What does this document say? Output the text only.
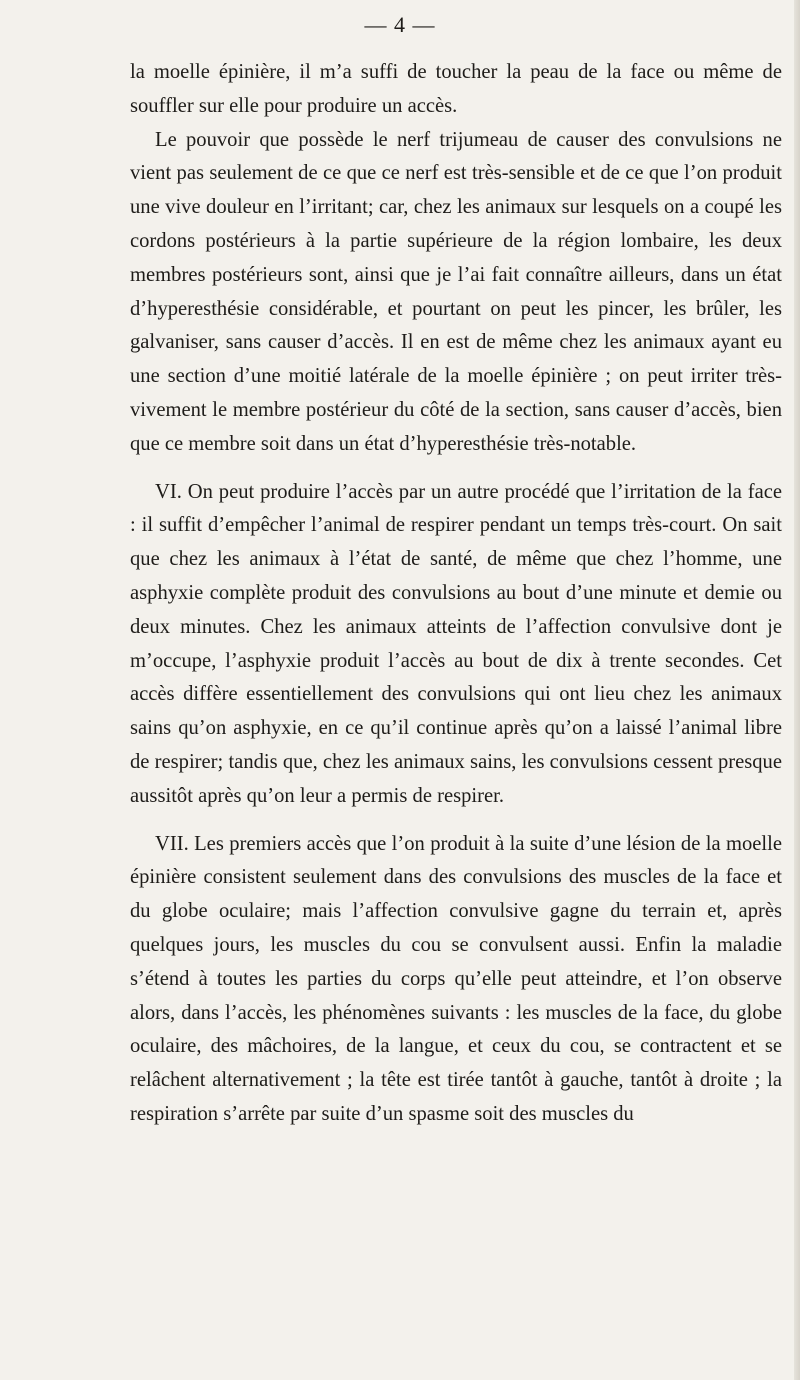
— 4 —

la moelle épinière, il m’a suffi de toucher la peau de la face ou même de souffler sur elle pour produire un accès.

Le pouvoir que possède le nerf trijumeau de causer des convulsions ne vient pas seulement de ce que ce nerf est très-sensible et de ce que l’on produit une vive douleur en l’irritant; car, chez les animaux sur lesquels on a coupé les cordons postérieurs à la partie supérieure de la région lombaire, les deux membres postérieurs sont, ainsi que je l’ai fait connaître ailleurs, dans un état d’hyperesthésie considérable, et pourtant on peut les pincer, les brûler, les galvaniser, sans causer d’accès. Il en est de même chez les animaux ayant eu une section d’une moitié latérale de la moelle épinière ; on peut irriter très-vivement le membre postérieur du côté de la section, sans causer d’accès, bien que ce membre soit dans un état d’hyperesthésie très-notable.

VI. On peut produire l’accès par un autre procédé que l’irritation de la face : il suffit d’empêcher l’animal de respirer pendant un temps très-court. On sait que chez les animaux à l’état de santé, de même que chez l’homme, une asphyxie complète produit des convulsions au bout d’une minute et demie ou deux minutes. Chez les animaux atteints de l’affection convulsive dont je m’occupe, l’asphyxie produit l’accès au bout de dix à trente secondes. Cet accès diffère essentiellement des convulsions qui ont lieu chez les animaux sains qu’on asphyxie, en ce qu’il continue après qu’on a laissé l’animal libre de respirer; tandis que, chez les animaux sains, les convulsions cessent presque aussitôt après qu’on leur a permis de respirer.

VII. Les premiers accès que l’on produit à la suite d’une lésion de la moelle épinière consistent seulement dans des convulsions des muscles de la face et du globe oculaire; mais l’affection convulsive gagne du terrain et, après quelques jours, les muscles du cou se convulsent aussi. Enfin la maladie s’étend à toutes les parties du corps qu’elle peut atteindre, et l’on observe alors, dans l’accès, les phénomènes suivants : les muscles de la face, du globe oculaire, des mâchoires, de la langue, et ceux du cou, se contractent et se relâchent alternativement ; la tête est tirée tantôt à gauche, tantôt à droite ; la respiration s’arrête par suite d’un spasme soit des muscles du
